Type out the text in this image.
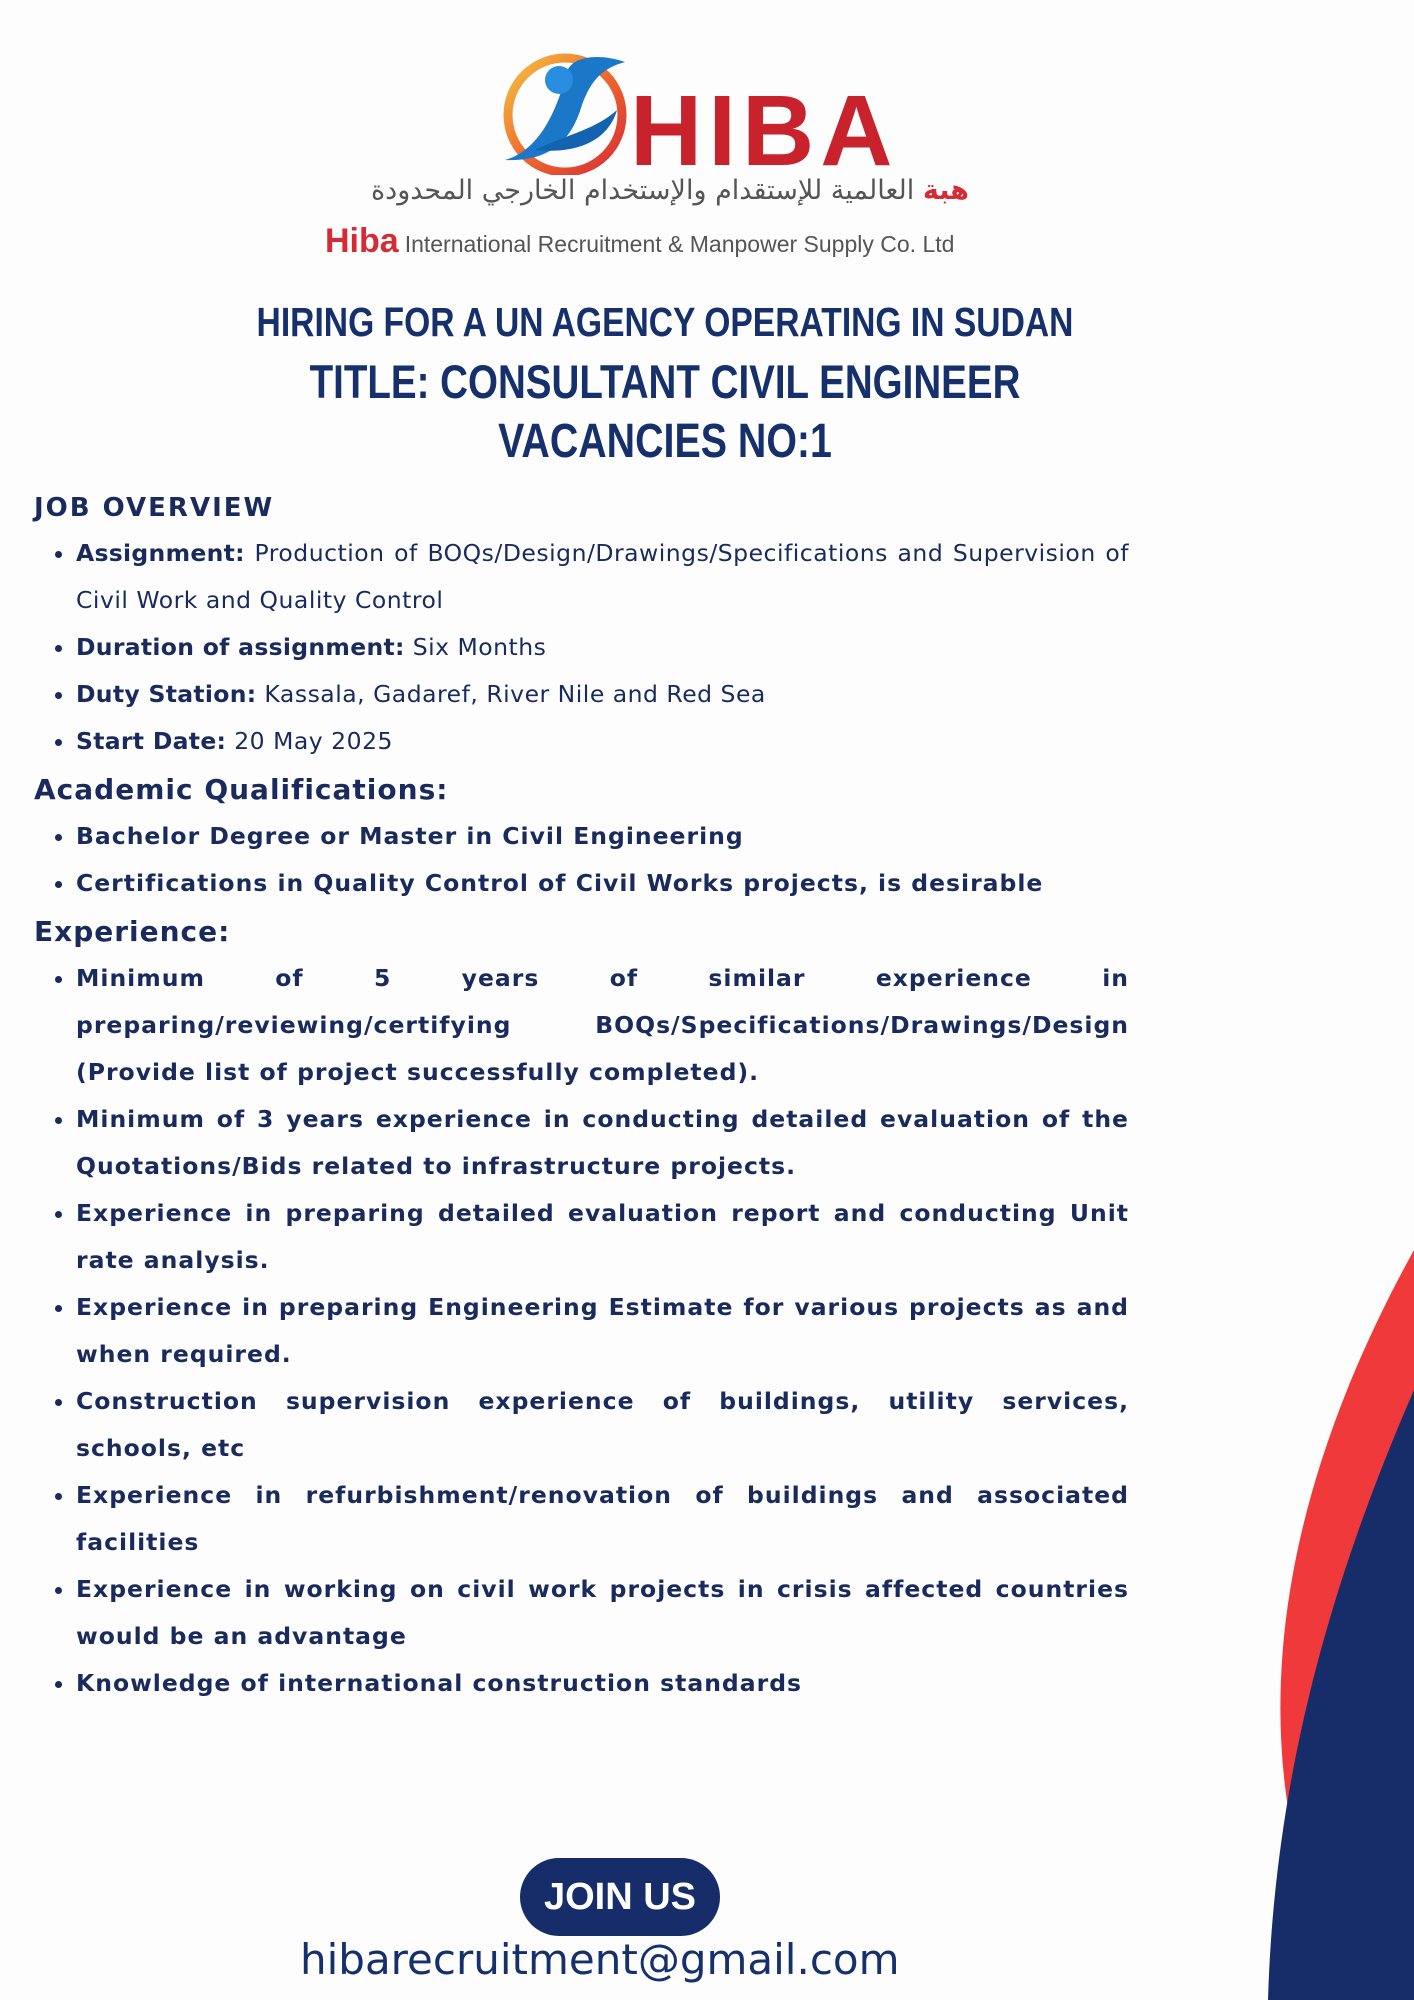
HIBA
هبة العالمية للإستقدام والإستخدام الخارجي المحدودة
Hiba International Recruitment & Manpower Supply Co. Ltd
HIRING FOR A UN AGENCY OPERATING IN SUDAN
TITLE: CONSULTANT CIVIL ENGINEER
VACANCIES NO:1
JOB OVERVIEW
• Assignment: Production of BOQs/Design/Drawings/Specifications and Supervision of Civil Work and Quality Control
• Duration of assignment: Six Months
• Duty Station: Kassala, Gadaref, River Nile and Red Sea
• Start Date: 20 May 2025
Academic Qualifications:
• Bachelor Degree or Master in Civil Engineering
• Certifications in Quality Control of Civil Works projects, is desirable
Experience:
• Minimum of 5 years of similar experience in preparing/reviewing/certifying BOQs/Specifications/Drawings/Design (Provide list of project successfully completed).
• Minimum of 3 years experience in conducting detailed evaluation of the Quotations/Bids related to infrastructure projects.
• Experience in preparing detailed evaluation report and conducting Unit rate analysis.
• Experience in preparing Engineering Estimate for various projects as and when required.
• Construction supervision experience of buildings, utility services, schools, etc
• Experience in refurbishment/renovation of buildings and associated facilities
• Experience in working on civil work projects in crisis affected countries would be an advantage
• Knowledge of international construction standards
JOIN US
hibarecruitment@gmail.com
